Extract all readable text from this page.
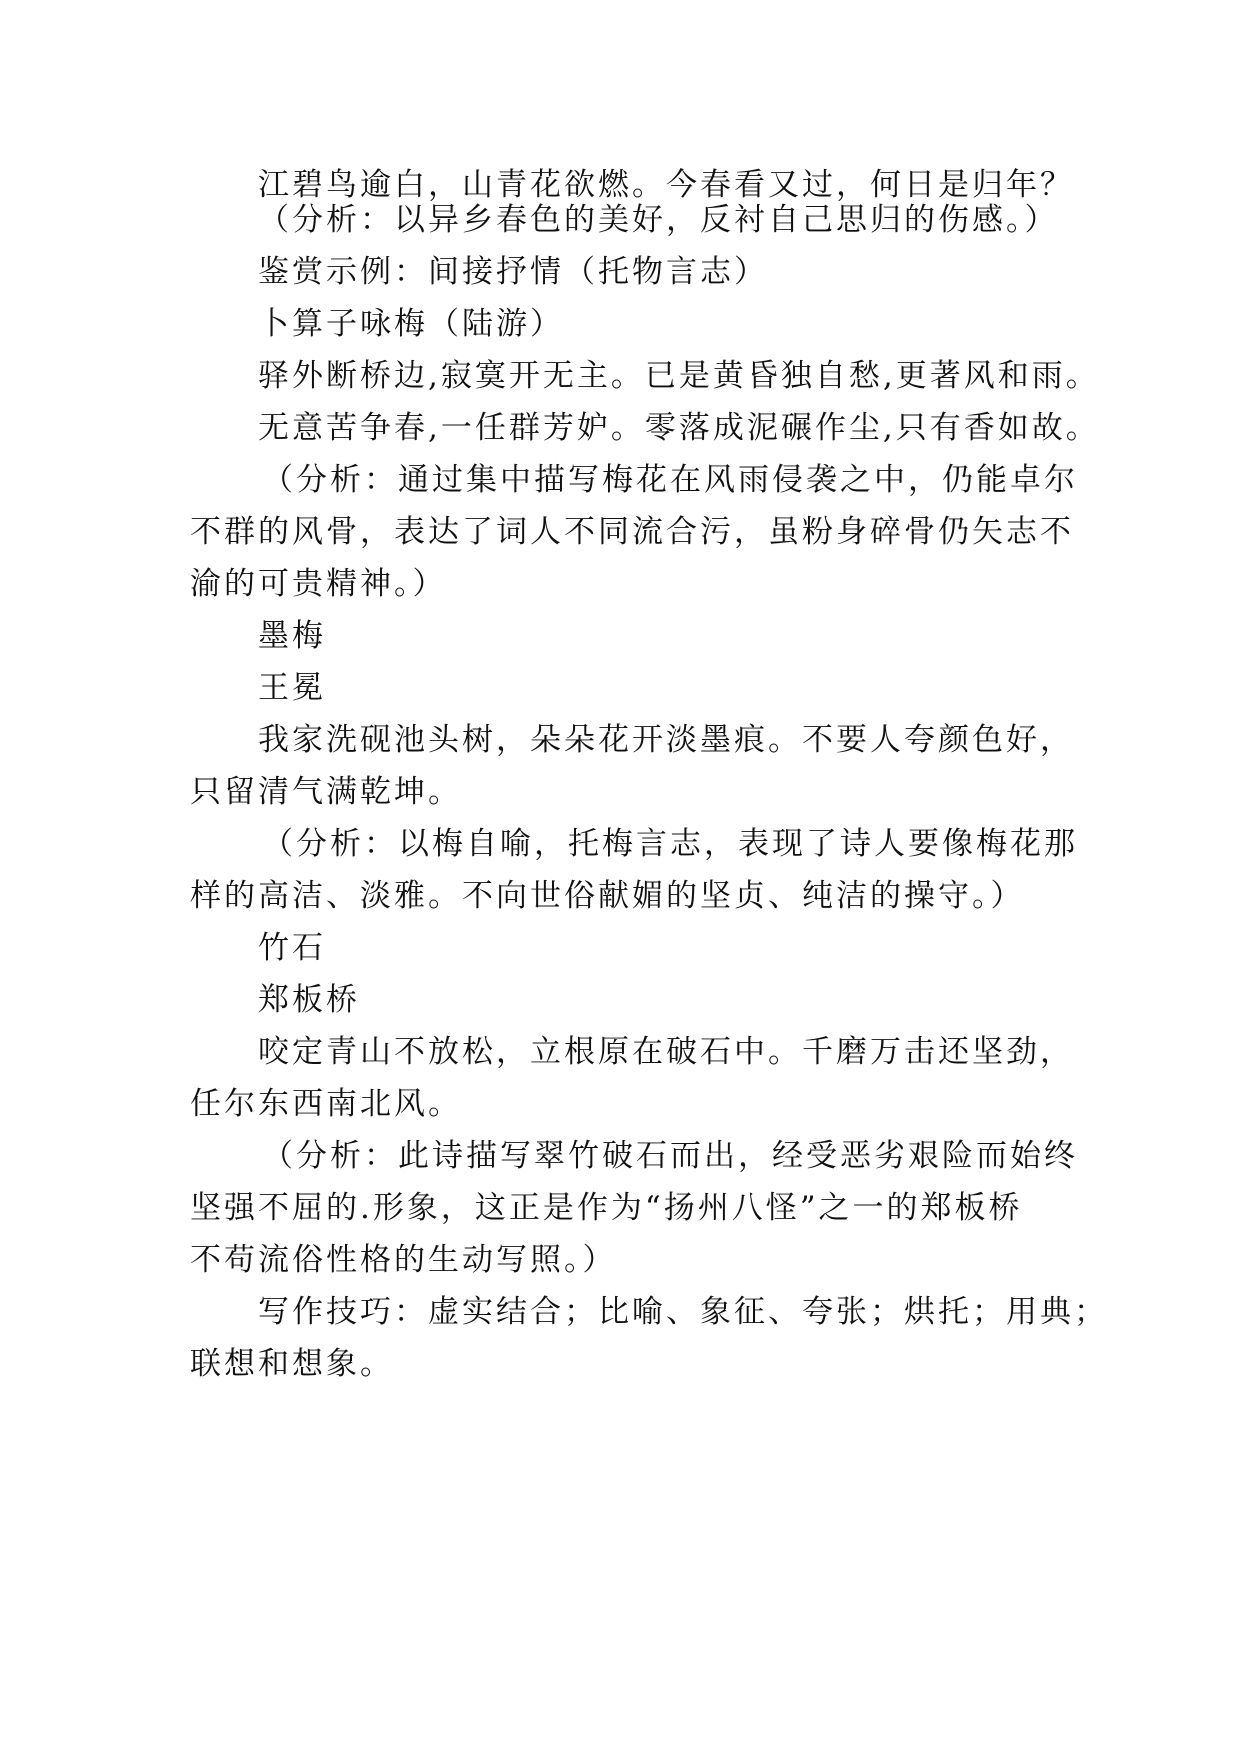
江碧鸟逾白，山青花欲燃。今春看又过，何日是归年？
（分析：以异乡春色的美好，反衬自己思归的伤感。）
鉴赏示例：间接抒情（托物言志）
卜算子咏梅（陆游）
驿外断桥边,寂寞开无主。已是黄昏独自愁,更著风和雨。
无意苦争春,一任群芳妒。零落成泥碾作尘,只有香如故。
（分析：通过集中描写梅花在风雨侵袭之中，仍能卓尔
不群的风骨，表达了词人不同流合污，虽粉身碎骨仍矢志不
渝的可贵精神。）
墨梅
王冕
我家洗砚池头树，朵朵花开淡墨痕。不要人夸颜色好，
只留清气满乾坤。
（分析：以梅自喻，托梅言志，表现了诗人要像梅花那
样的高洁、淡雅。不向世俗献媚的坚贞、纯洁的操守。）
竹石
郑板桥
咬定青山不放松，立根原在破石中。千磨万击还坚劲，
任尔东西南北风。
（分析：此诗描写翠竹破石而出，经受恶劣艰险而始终
坚强不屈的.形象，这正是作为“扬州八怪”之一的郑板桥
不苟流俗性格的生动写照。）
写作技巧：虚实结合；比喻、象征、夸张；烘托；用典；
联想和想象。
